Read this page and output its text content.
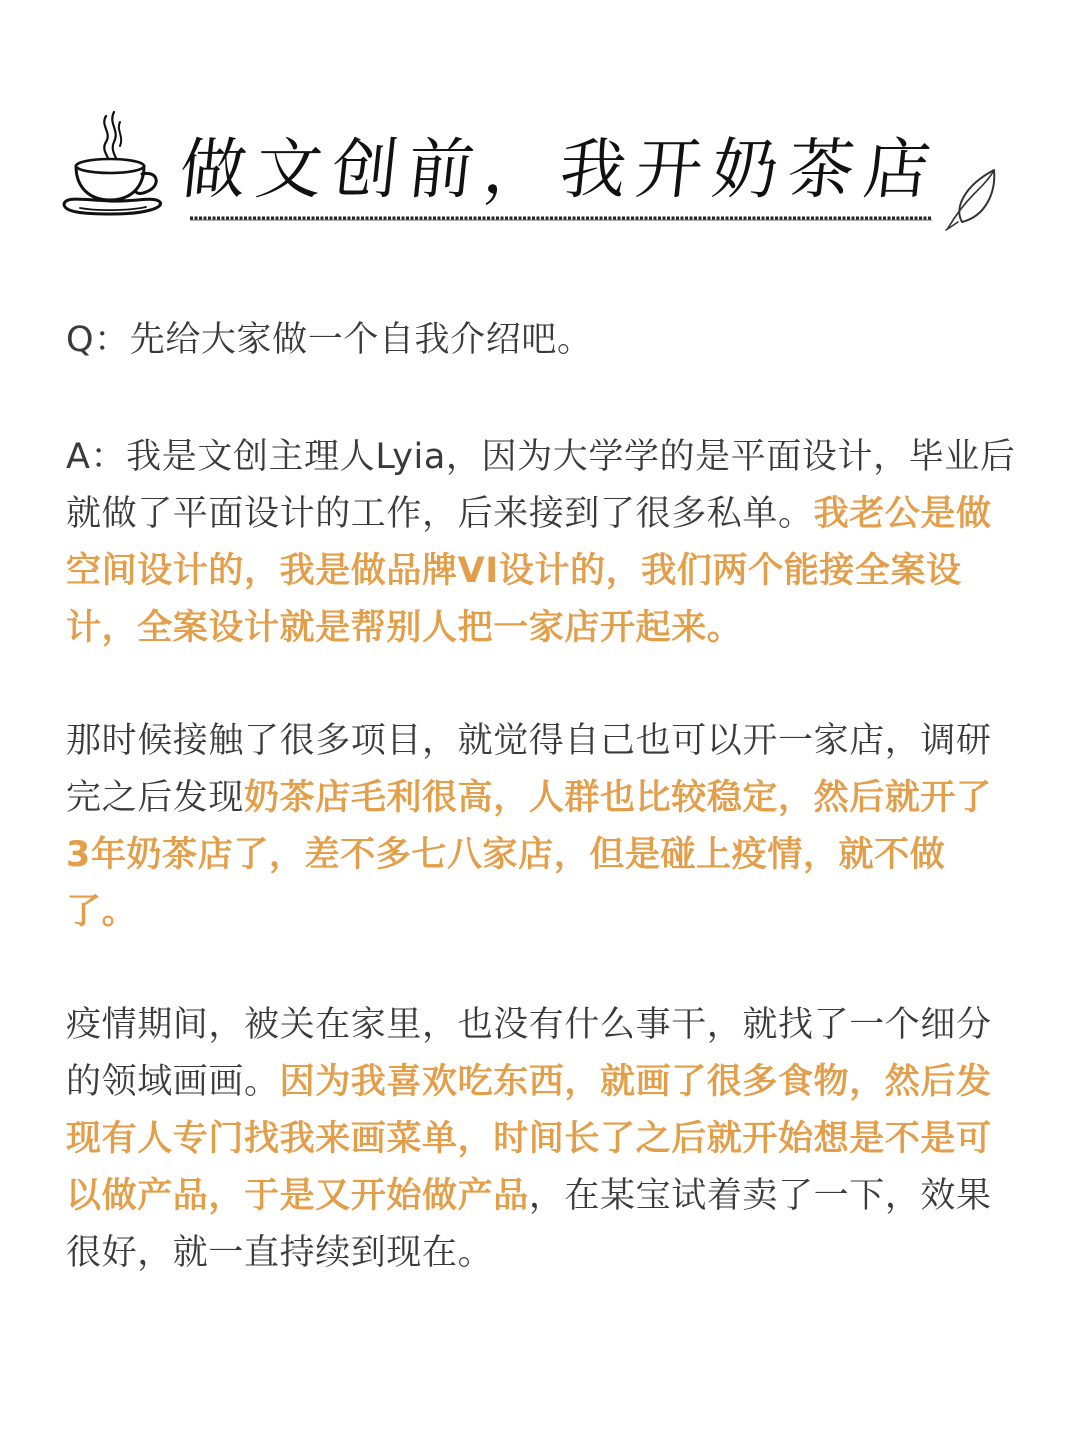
做文创前，我开奶茶店

Q：先给大家做一个自我介绍吧。

A：我是文创主理人Lyia，因为大学学的是平面设计，毕业后就做了平面设计的工作，后来接到了很多私单。我老公是做空间设计的，我是做品牌VI设计的，我们两个能接全案设计，全案设计就是帮别人把一家店开起来。

那时候接触了很多项目，就觉得自己也可以开一家店，调研完之后发现奶茶店毛利很高，人群也比较稳定，然后就开了3年奶茶店了，差不多七八家店，但是碰上疫情，就不做了。

疫情期间，被关在家里，也没有什么事干，就找了一个细分的领域画画。因为我喜欢吃东西，就画了很多食物，然后发现有人专门找我来画菜单，时间长了之后就开始想是不是可以做产品，于是又开始做产品，在某宝试着卖了一下，效果很好，就一直持续到现在。
